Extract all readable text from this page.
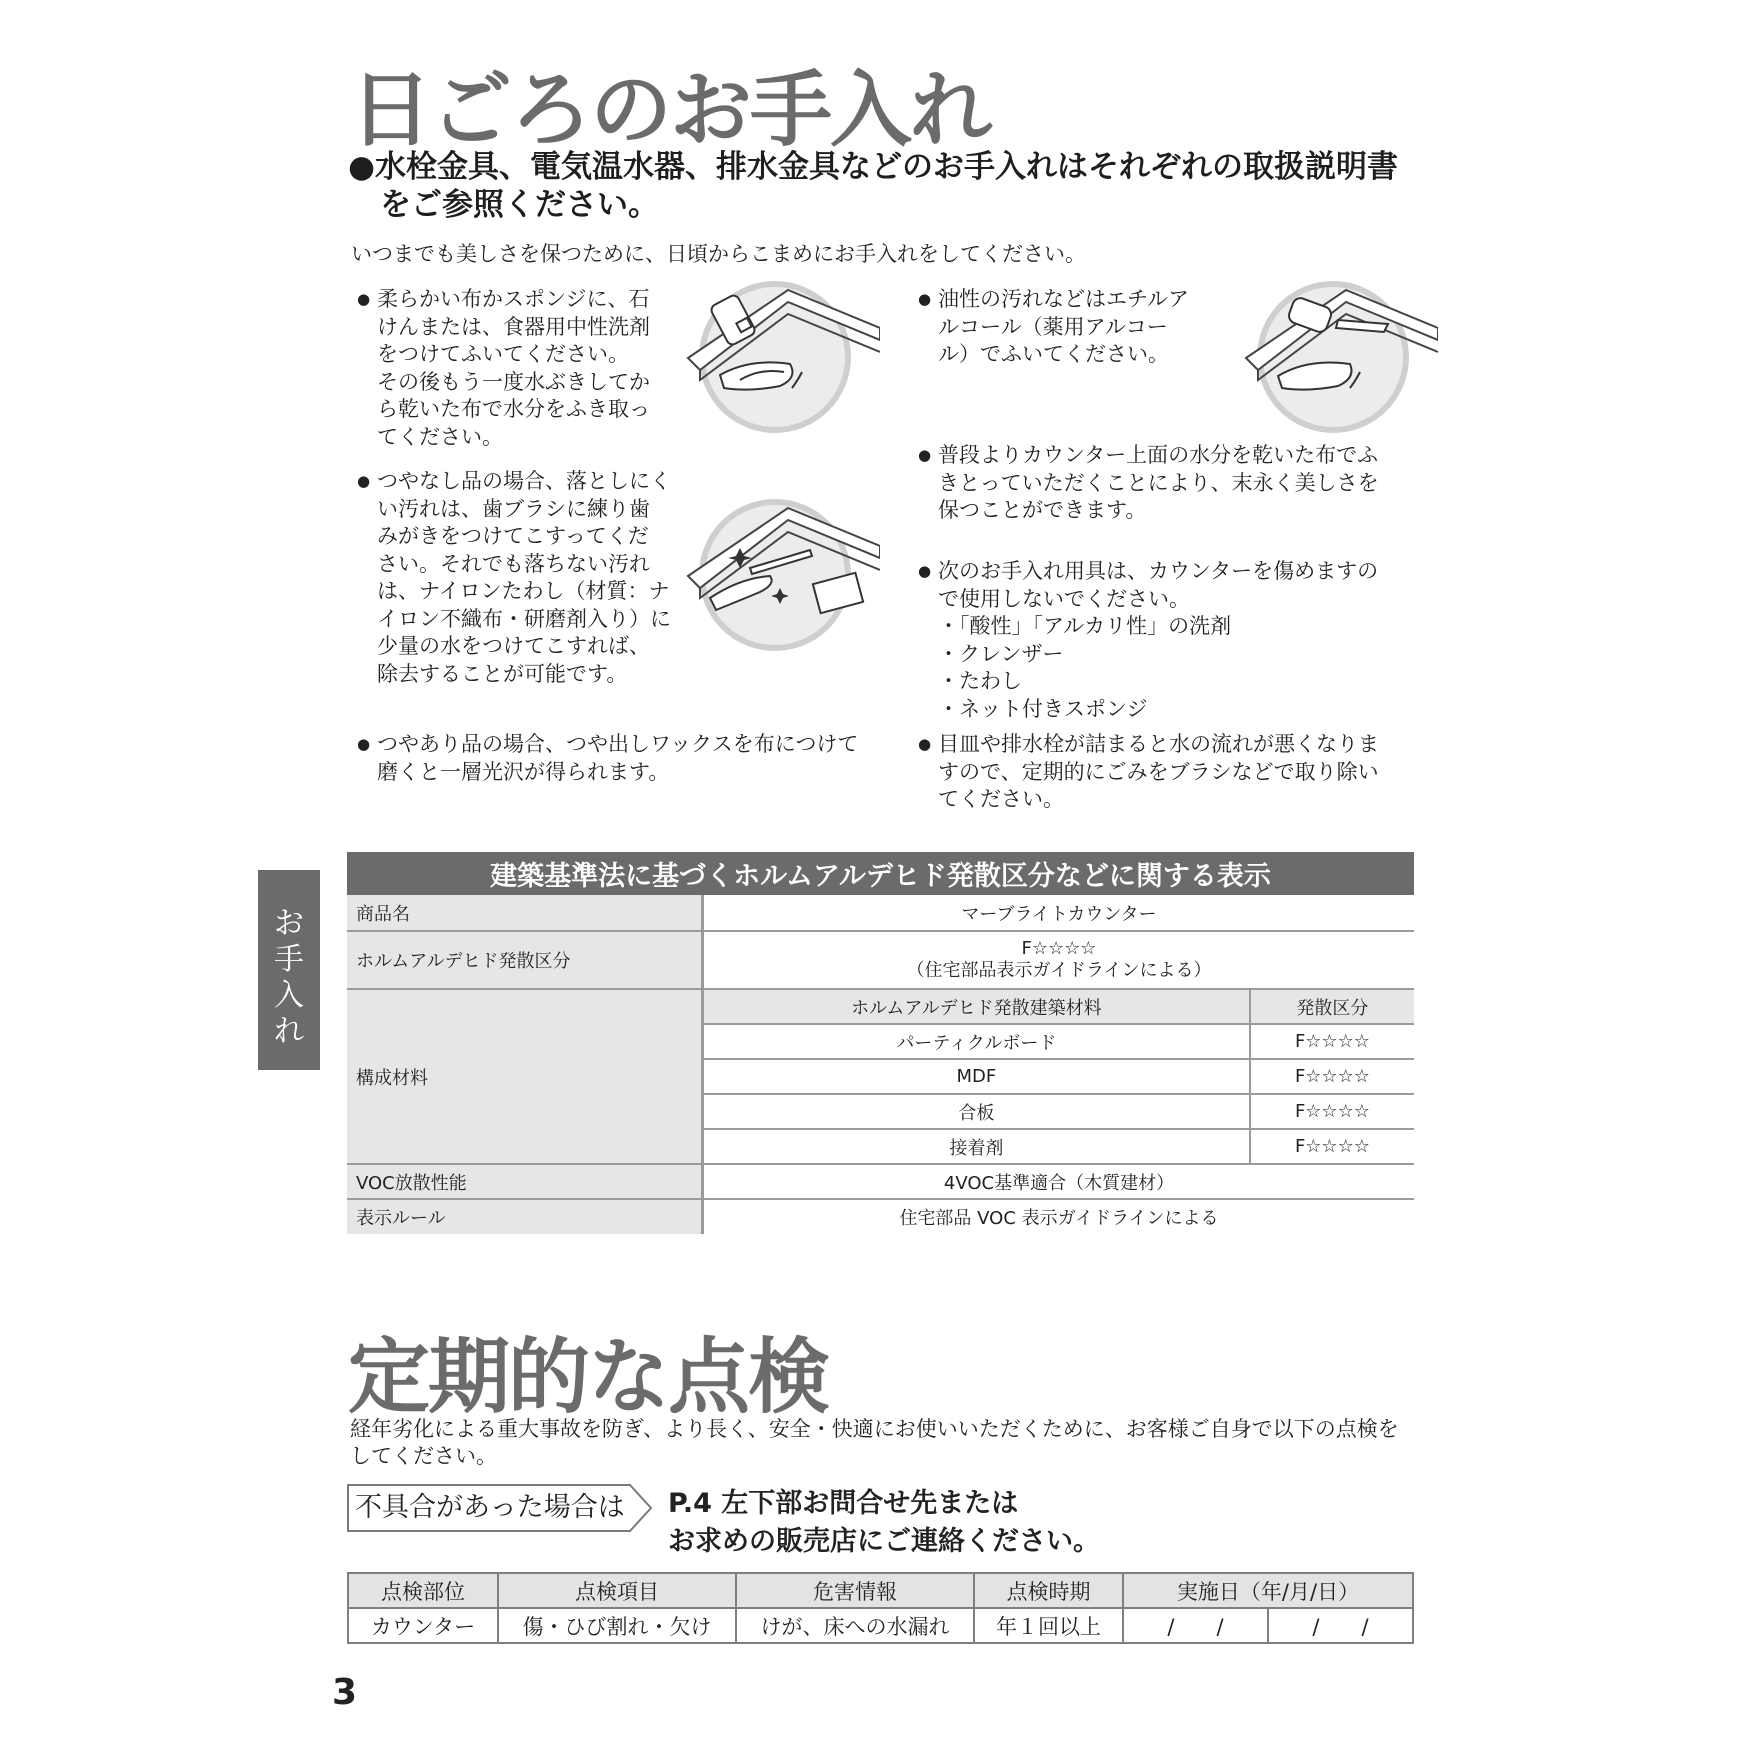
日ごろのお手入れ
●水栓金具、電気温水器、排水金具などのお手入れはそれぞれの取扱説明書
をご参照ください。
いつまでも美しさを保つために、日頃からこまめにお手入れをしてください。
● 柔らかい布かスポンジに、石
けんまたは、食器用中性洗剤
をつけてふいてください。
その後もう一度水ぶきしてか
ら乾いた布で水分をふき取っ
てください。
● つやなし品の場合、落としにく
い汚れは、歯ブラシに練り歯
みがきをつけてこすってくだ
さい。それでも落ちない汚れ
は、ナイロンたわし（材質：ナ
イロン不織布・研磨剤入り）に
少量の水をつけてこすれば、
除去することが可能です。
● つやあり品の場合、つや出しワックスを布につけて
磨くと一層光沢が得られます。
● 油性の汚れなどはエチルア
ルコール（薬用アルコー
ル）でふいてください。
● 普段よりカウンター上面の水分を乾いた布でふ
きとっていただくことにより、末永く美しさを
保つことができます。
● 次のお手入れ用具は、カウンターを傷めますの
で使用しないでください。
・「酸性」「アルカリ性」の洗剤
・クレンザー
・たわし
・ネット付きスポンジ
● 目皿や排水栓が詰まると水の流れが悪くなりま
すので、定期的にごみをブラシなどで取り除い
てください。
お
手
入
れ
建築基準法に基づくホルムアルデヒド発散区分などに関する表示		
商品名	マーブライトカウンター	
ホルムアルデヒド発散区分	F☆☆☆☆
（住宅部品表示ガイドラインによる）	

構成材料	ホルムアルデヒド発散建築材料	発散区分
	パーティクルボード	F☆☆☆☆
	MDF	F☆☆☆☆
	合板	F☆☆☆☆
	接着剤	F☆☆☆☆
VOC放散性能	4VOC基準適合（木質建材）	
表示ルール	住宅部品 VOC 表示ガイドラインによる	
定期的な点検
経年劣化による重大事故を防ぎ、より長く、安全・快適にお使いいただくために、お客様ご自身で以下の点検を
してください。
不具合があった場合は P.4 左下部お問合せ先または
お求めの販売店にご連絡ください。
点検部位	点検項目	危害情報	点検時期	実施日（年/月/日）	
カウンター	傷・ひび割れ・欠け	けが、床への水漏れ	年１回以上	/　　/	/　　/
3
